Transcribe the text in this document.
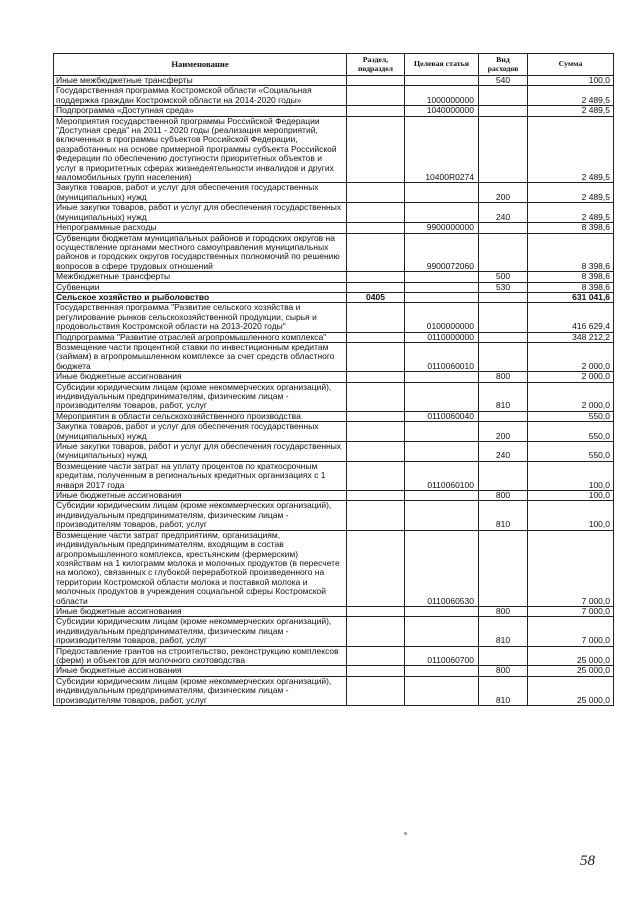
Наименование	Раздел, подраздел	Целевая статья	Вид расходов	Сумма
Иные межбюджетные трансферты			540	100,0
Государственная программа Костромской области «Социальная поддержка граждан Костромской области на 2014-2020 годы»		1000000000		2 489,5
Подпрограмма «Доступная среда»		1040000000		2 489,5
Мероприятия государственной программы Российской Федерации "Доступная среда" на 2011 - 2020 годы (реализация мероприятий, включенных в программы субъектов Российской Федерации, разработанных на основе примерной программы субъекта Российской Федерации по обеспечению доступности приоритетных объектов и услуг в приоритетных сферах жизнедеятельности инвалидов и других маломобильных групп населения)		10400R0274		2 489,5
Закупка товаров, работ и услуг для обеспечения государственных (муниципальных) нужд			200	2 489,5
Иные закупки товаров, работ и услуг для обеспечения государственных (муниципальных) нужд			240	2 489,5
Непрограммные расходы		9900000000		8 398,6
Субвенции бюджетам муниципальных районов и городских округов на осуществление органами местного самоуправления муниципальных районов и городских округов государственных полномочий по решению вопросов в сфере трудовых отношений		9900072060		8 398,6
Межбюджетные трансферты			500	8 398,6
Субвенции			530	8 398,6
Сельское хозяйство и рыболовство	0405			631 041,6
Государственная программа "Развитие сельского хозяйства и регулирование рынков сельскохозяйственной продукции, сырья и продовольствия Костромской области на 2013-2020 годы"		0100000000		416 629,4
Подпрограмма "Развитие отраслей агропромышленного комплекса"		0110000000		348 212,2
Возмещение части процентной ставки по инвестиционным кредитам (займам) в агропромышленном комплексе за счет средств областного бюджета		0110060010		2 000,0
Иные бюджетные ассигнования			800	2 000,0
Субсидии юридическим лицам (кроме некоммерческих организаций), индивидуальным предпринимателям, физическим лицам - производителям товаров, работ, услуг			810	2 000,0
Мероприятия в области сельскохозяйственного производства		0110060040		550,0
Закупка товаров, работ и услуг для обеспечения государственных (муниципальных) нужд			200	550,0
Иные закупки товаров, работ и услуг для обеспечения государственных (муниципальных) нужд			240	550,0
Возмещение части затрат на уплату процентов по краткосрочным кредитам, полученным в региональных кредитных организациях с 1 января 2017 года		0110060100		100,0
Иные бюджетные ассигнования			800	100,0
Субсидии юридическим лицам (кроме некоммерческих организаций), индивидуальным предпринимателям, физическим лицам - производителям товаров, работ, услуг			810	100,0
Возмещение части затрат предприятиям, организациям, индивидуальным предпринимателям, входящим в состав агропромышленного комплекса, крестьянским (фермерским) хозяйствам на 1 килограмм молока и молочных продуктов (в пересчете на молоко), связанных с глубокой переработкой произведенного на территории Костромской области молока и поставкой молока и молочных продуктов в учреждения социальной сферы Костромской области		0110060530		7 000,0
Иные бюджетные ассигнования			800	7 000,0
Субсидии юридическим лицам (кроме некоммерческих организаций), индивидуальным предпринимателям, физическим лицам - производителям товаров, работ, услуг			810	7 000,0
Предоставление грантов на строительство, реконструкцию комплексов (ферм) и объектов для молочного скотоводства		0110060700		25 000,0
Иные бюджетные ассигнования			800	25 000,0
Субсидии юридическим лицам (кроме некоммерческих организаций), индивидуальным предпринимателям, физическим лицам - производителям товаров, работ, услуг			810	25 000,0
58
